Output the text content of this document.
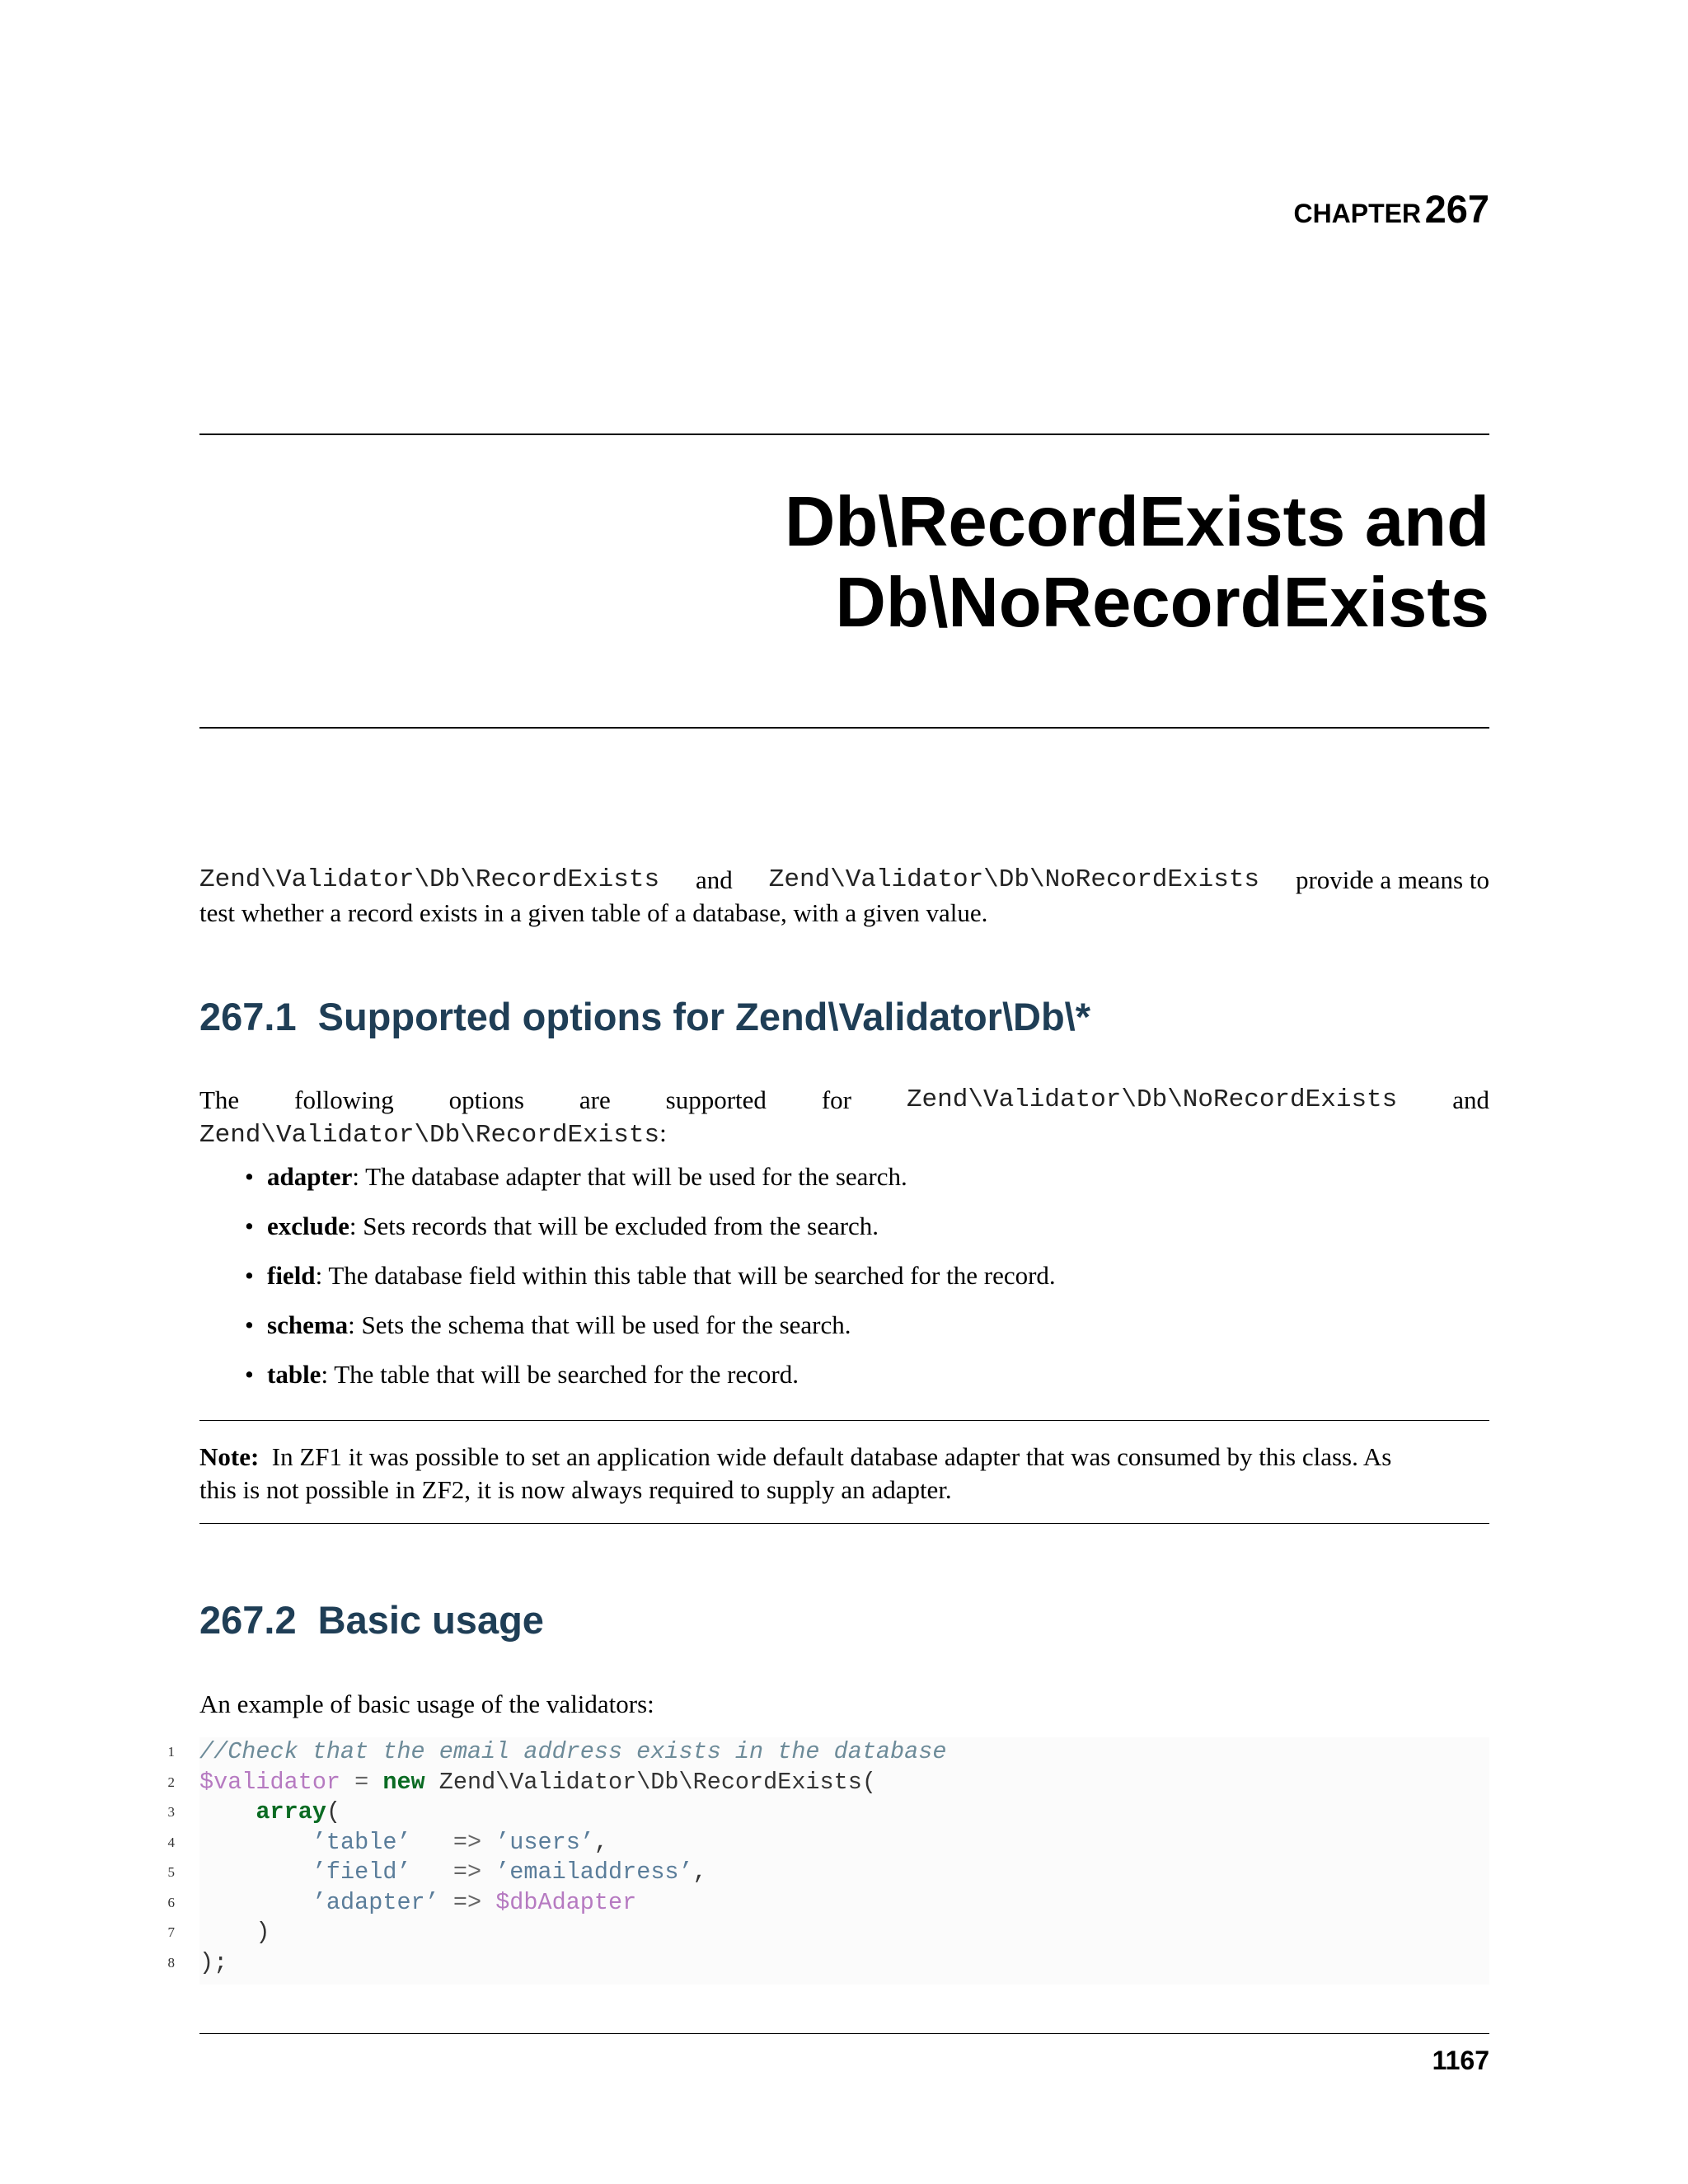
CHAPTER 267
Db\RecordExists and
Db\NoRecordExists
Zend\Validator\Db\RecordExists and Zend\Validator\Db\NoRecordExists provide a means to
test whether a record exists in a given table of a database, with a given value.
267.1 Supported options for Zend\Validator\Db\*
The following options are supported for Zend\Validator\Db\NoRecordExists and
Zend\Validator\Db\RecordExists:
• adapter: The database adapter that will be used for the search.
• exclude: Sets records that will be excluded from the search.
• field: The database field within this table that will be searched for the record.
• schema: Sets the schema that will be used for the search.
• table: The table that will be searched for the record.
Note: In ZF1 it was possible to set an application wide default database adapter that was consumed by this class. As
this is not possible in ZF2, it is now always required to supply an adapter.
267.2 Basic usage
An example of basic usage of the validators:
1 //Check that the email address exists in the database
2 $validator = new Zend\Validator\Db\RecordExists(
3	array(
4	’table’   => ’users’,
5	’field’   => ’emailaddress’,
6	’adapter’ => $dbAdapter
7 )
8 );
1167
